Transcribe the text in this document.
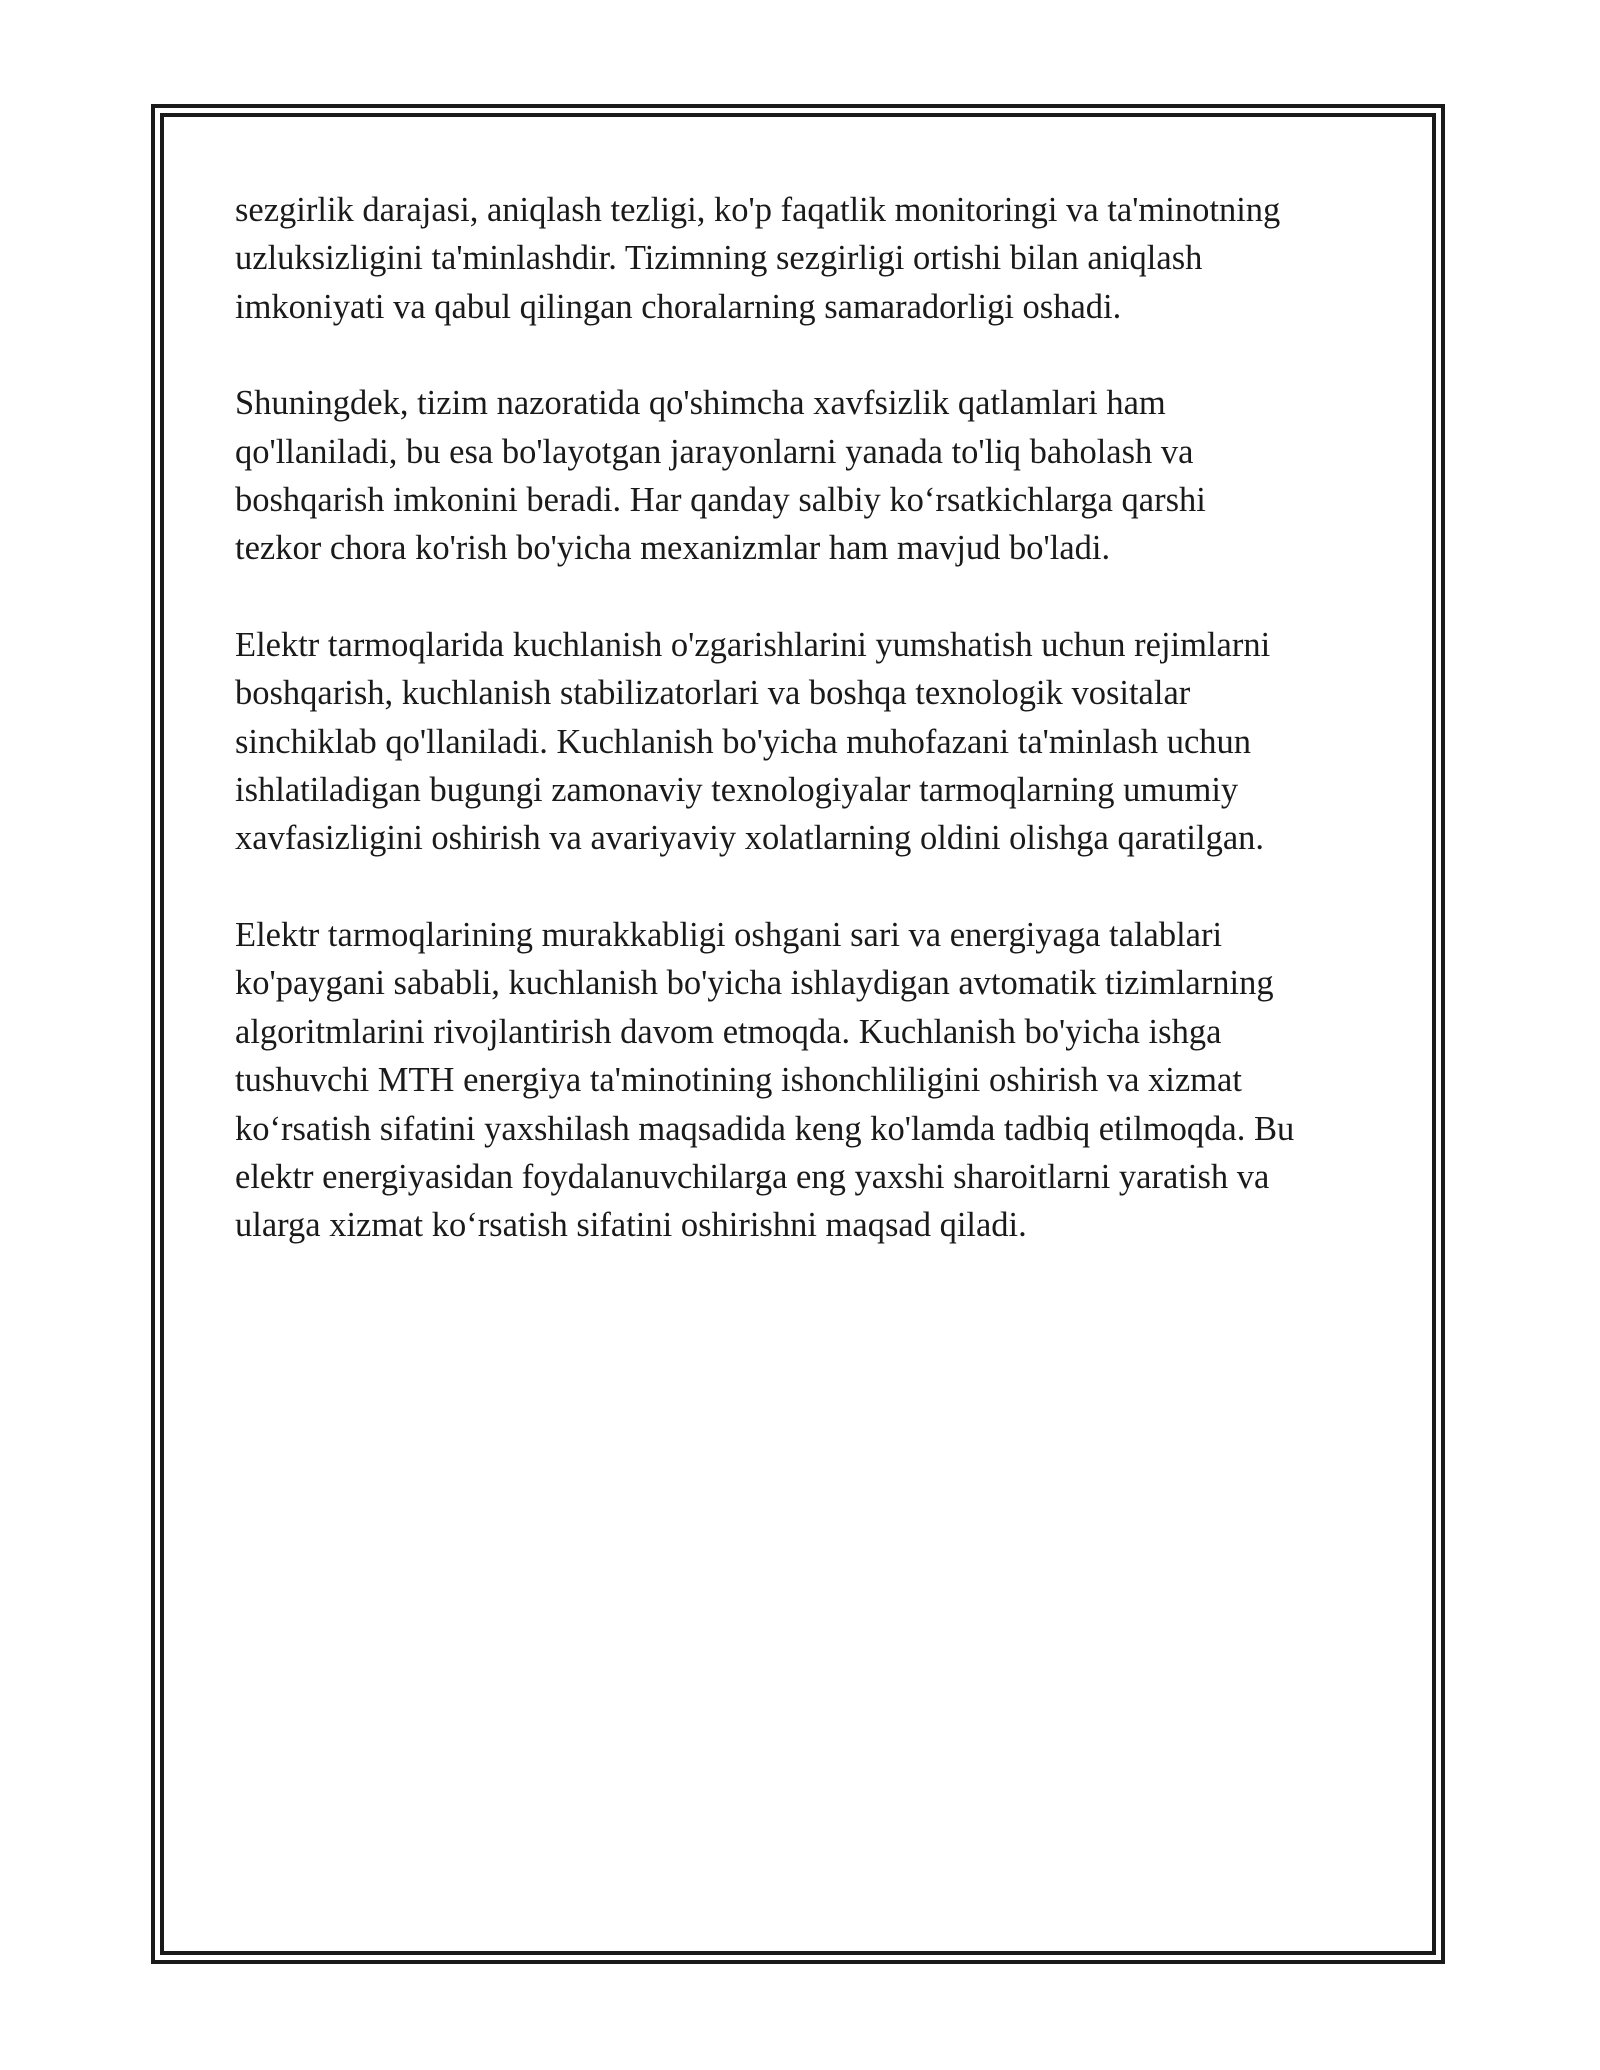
sezgirlik darajasi, aniqlash tezligi, ko'p faqatlik monitoringi va ta'minotning
uzluksizligini ta'minlashdir. Tizimning sezgirligi ortishi bilan aniqlash
imkoniyati va qabul qilingan choralarning samaradorligi oshadi.

Shuningdek, tizim nazoratida qo'shimcha xavfsizlik qatlamlari ham
qo'llaniladi, bu esa bo'layotgan jarayonlarni yanada to'liq baholash va
boshqarish imkonini beradi. Har qanday salbiy koʻrsatkichlarga qarshi
tezkor chora ko'rish bo'yicha mexanizmlar ham mavjud bo'ladi.

Elektr tarmoqlarida kuchlanish o'zgarishlarini yumshatish uchun rejimlarni
boshqarish, kuchlanish stabilizatorlari va boshqa texnologik vositalar
sinchiklab qo'llaniladi. Kuchlanish bo'yicha muhofazani ta'minlash uchun
ishlatiladigan bugungi zamonaviy texnologiyalar tarmoqlarning umumiy
xavfasizligini oshirish va avariyaviy xolatlarning oldini olishga qaratilgan.

Elektr tarmoqlarining murakkabligi oshgani sari va energiyaga talablari
ko'paygani sababli, kuchlanish bo'yicha ishlaydigan avtomatik tizimlarning
algoritmlarini rivojlantirish davom etmoqda. Kuchlanish bo'yicha ishga
tushuvchi MTH energiya ta'minotining ishonchliligini oshirish va xizmat
koʻrsatish sifatini yaxshilash maqsadida keng ko'lamda tadbiq etilmoqda. Bu
elektr energiyasidan foydalanuvchilarga eng yaxshi sharoitlarni yaratish va
ularga xizmat koʻrsatish sifatini oshirishni maqsad qiladi.
